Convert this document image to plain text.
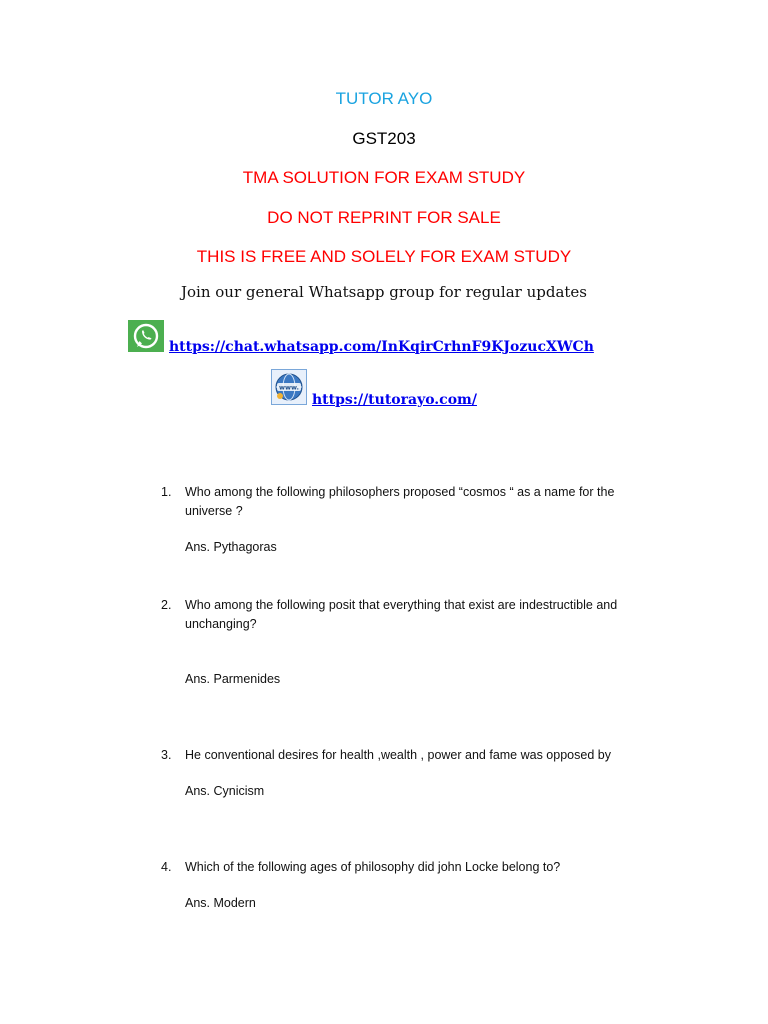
TUTOR AYO
GST203
TMA SOLUTION FOR EXAM STUDY
DO NOT REPRINT FOR SALE
THIS IS FREE AND SOLELY FOR EXAM STUDY
Join our general Whatsapp group for regular updates
https://chat.whatsapp.com/InKqirCrhnF9KJozucXWCh
www.
https://tutorayo.com/
1. Who among the following philosophers proposed “cosmos “ as a name for the universe ?
Ans. Pythagoras
2. Who among the following posit that everything that exist are indestructible and   unchanging?
Ans. Parmenides
3. He conventional desires for health ,wealth , power and fame was opposed by
Ans. Cynicism
4. Which of the following ages of philosophy did john Locke belong to?
Ans. Modern
